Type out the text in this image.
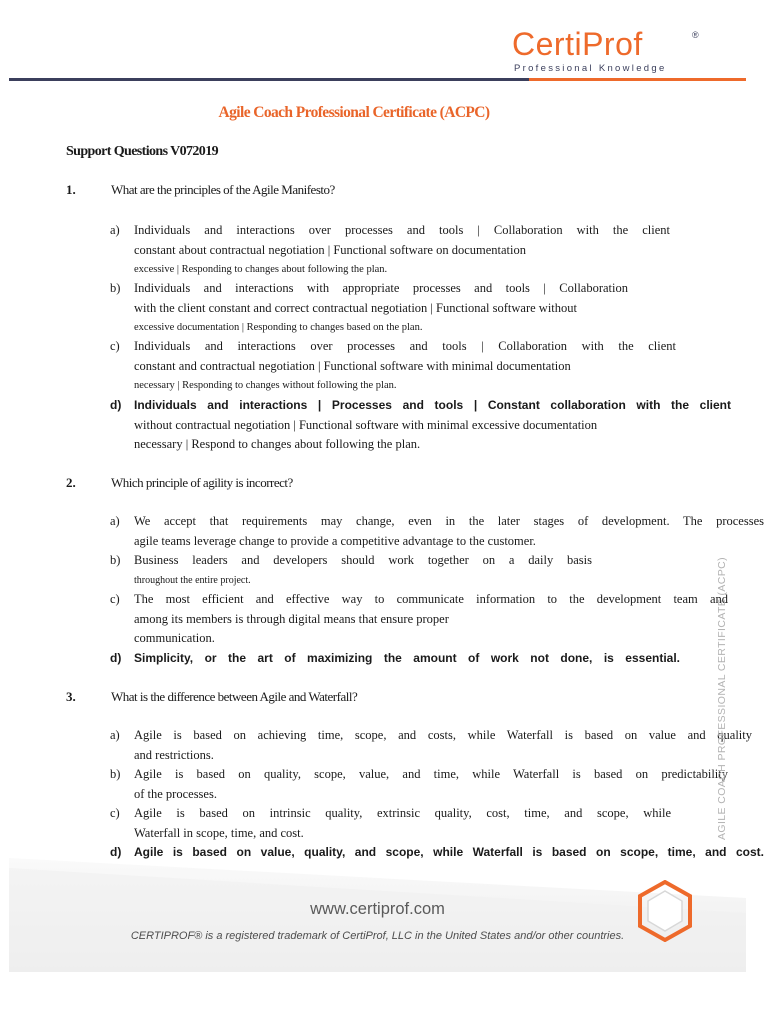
CertiProf	®
Professional Knowledge
Agile Coach Professional Certificate (ACPC)
Support Questions V072019
1.	What are the principles of the Agile Manifesto?
a) Individuals and interactions over processes and tools | Collaboration with the client
constant about contractual negotiation | Functional software on documentation
excessive | Responding to changes about following the plan.
b) Individuals and interactions with appropriate processes and tools | Collaboration
with the client constant and correct contractual negotiation | Functional software without
excessive documentation | Responding to changes based on the plan.
c) Individuals and interactions over processes and tools | Collaboration with the client
constant and contractual negotiation | Functional software with minimal documentation
necessary | Responding to changes without following the plan.
d) Individuals and interactions | Processes and tools | Constant collaboration with the client
without contractual negotiation | Functional software with minimal excessive documentation
necessary | Respond to changes about following the plan.
2.	Which principle of agility is incorrect?
a) We accept that requirements may change, even in the later stages of development. The processes
agile teams leverage change to provide a competitive advantage to the customer.
b) Business leaders and developers should work together on a daily basis
throughout the entire project.
c) The most efficient and effective way to communicate information to the development team and
among its members is through digital means that ensure proper
communication.
d) Simplicity, or the art of maximizing the amount of work not done, is essential.
3.	What is the difference between Agile and Waterfall?
a) Agile is based on achieving time, scope, and costs, while Waterfall is based on value and quality
and restrictions.
b) Agile is based on quality, scope, value, and time, while Waterfall is based on predictability
of the processes.
c) Agile is based on intrinsic quality, extrinsic quality, cost, time, and scope, while
Waterfall in scope, time, and cost.
d) Agile is based on value, quality, and scope, while Waterfall is based on scope, time, and cost.
AGILE COACH PROFESSIONAL CERTIFICATE (ACPC)
www.certiprof.com
CERTIPROF® is a registered trademark of CertiProf, LLC in the United States and/or other countries.
